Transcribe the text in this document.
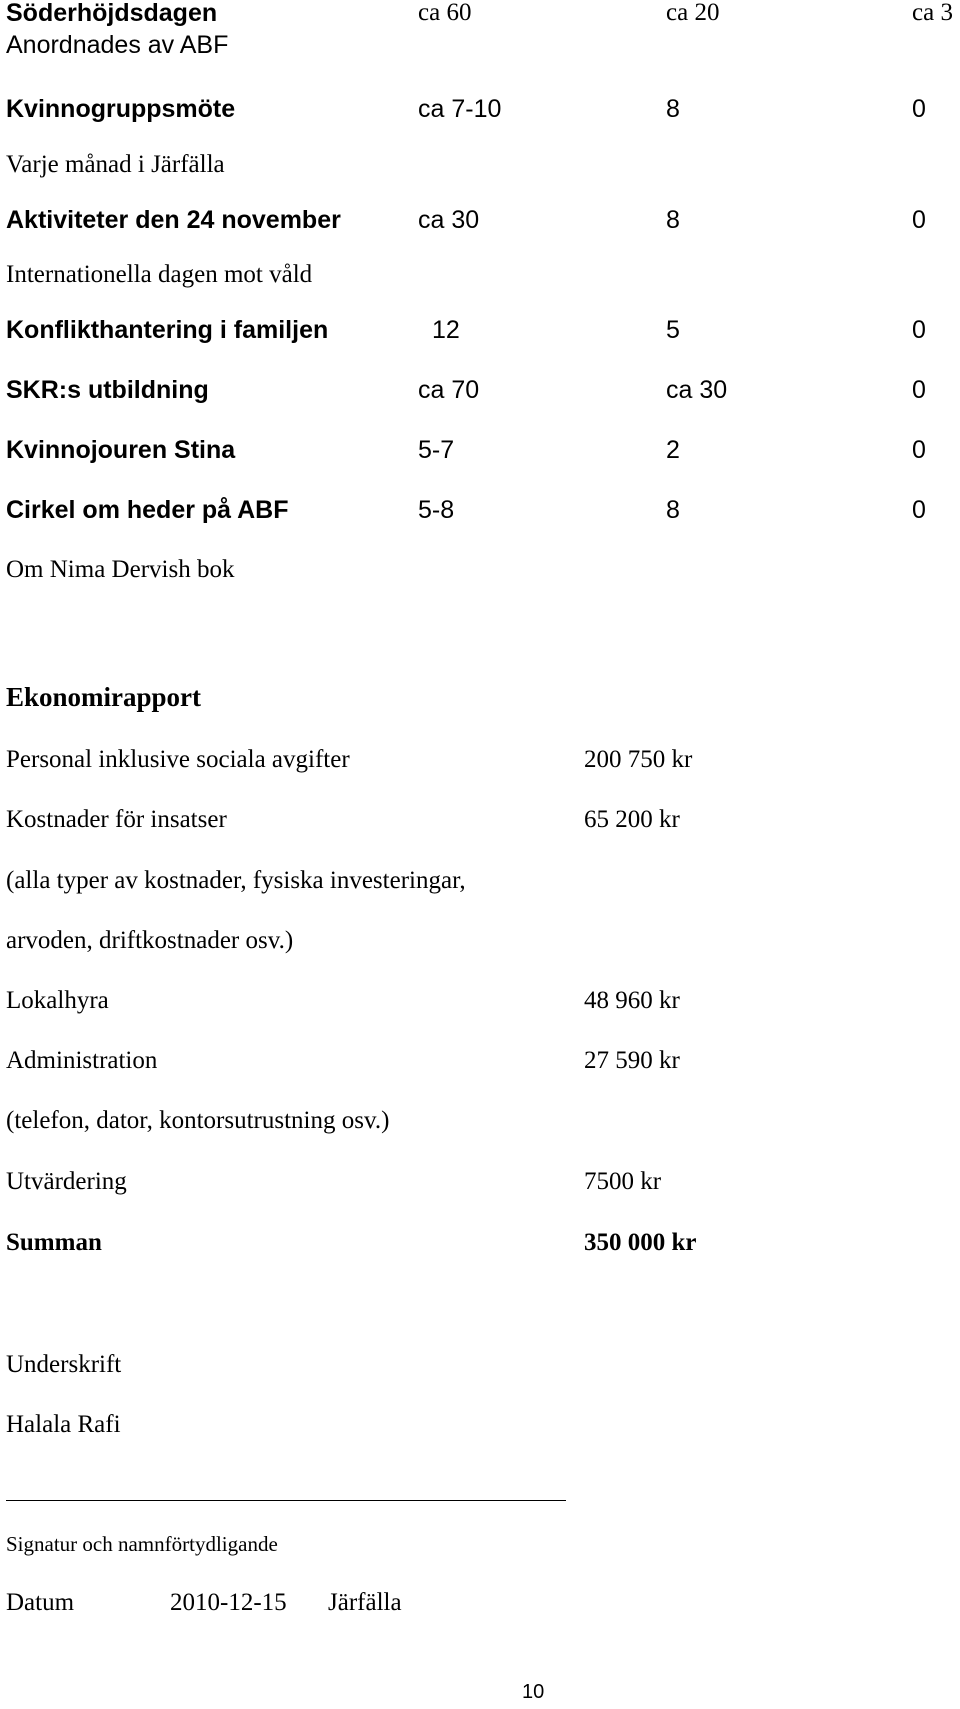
Söderhöjdsdagen	ca 60	ca 20	ca 3
Anordnades av ABF
Kvinnogruppsmöte	ca 7-10	8	0
Varje månad i Järfälla
Aktiviteter den 24 november	ca 30	8	0
Internationella dagen mot våld
Konflikthantering i familjen	12	5	0
SKR:s utbildning	ca 70	ca 30	0
Kvinnojouren Stina	5-7	2	0
Cirkel om heder på ABF	5-8	8	0
Om Nima Dervish bok
Ekonomirapport
Personal inklusive sociala avgifter	200 750 kr
Kostnader för insatser	65 200 kr
(alla typer av kostnader, fysiska investeringar,
arvoden, driftkostnader osv.)
Lokalhyra	48 960 kr
Administration	27 590 kr
(telefon, dator, kontorsutrustning osv.)
Utvärdering	7500 kr
Summan	350 000 kr
Underskrift
Halala Rafi
Signatur och namnförtydligande
Datum	2010-12-15 Järfälla
10
